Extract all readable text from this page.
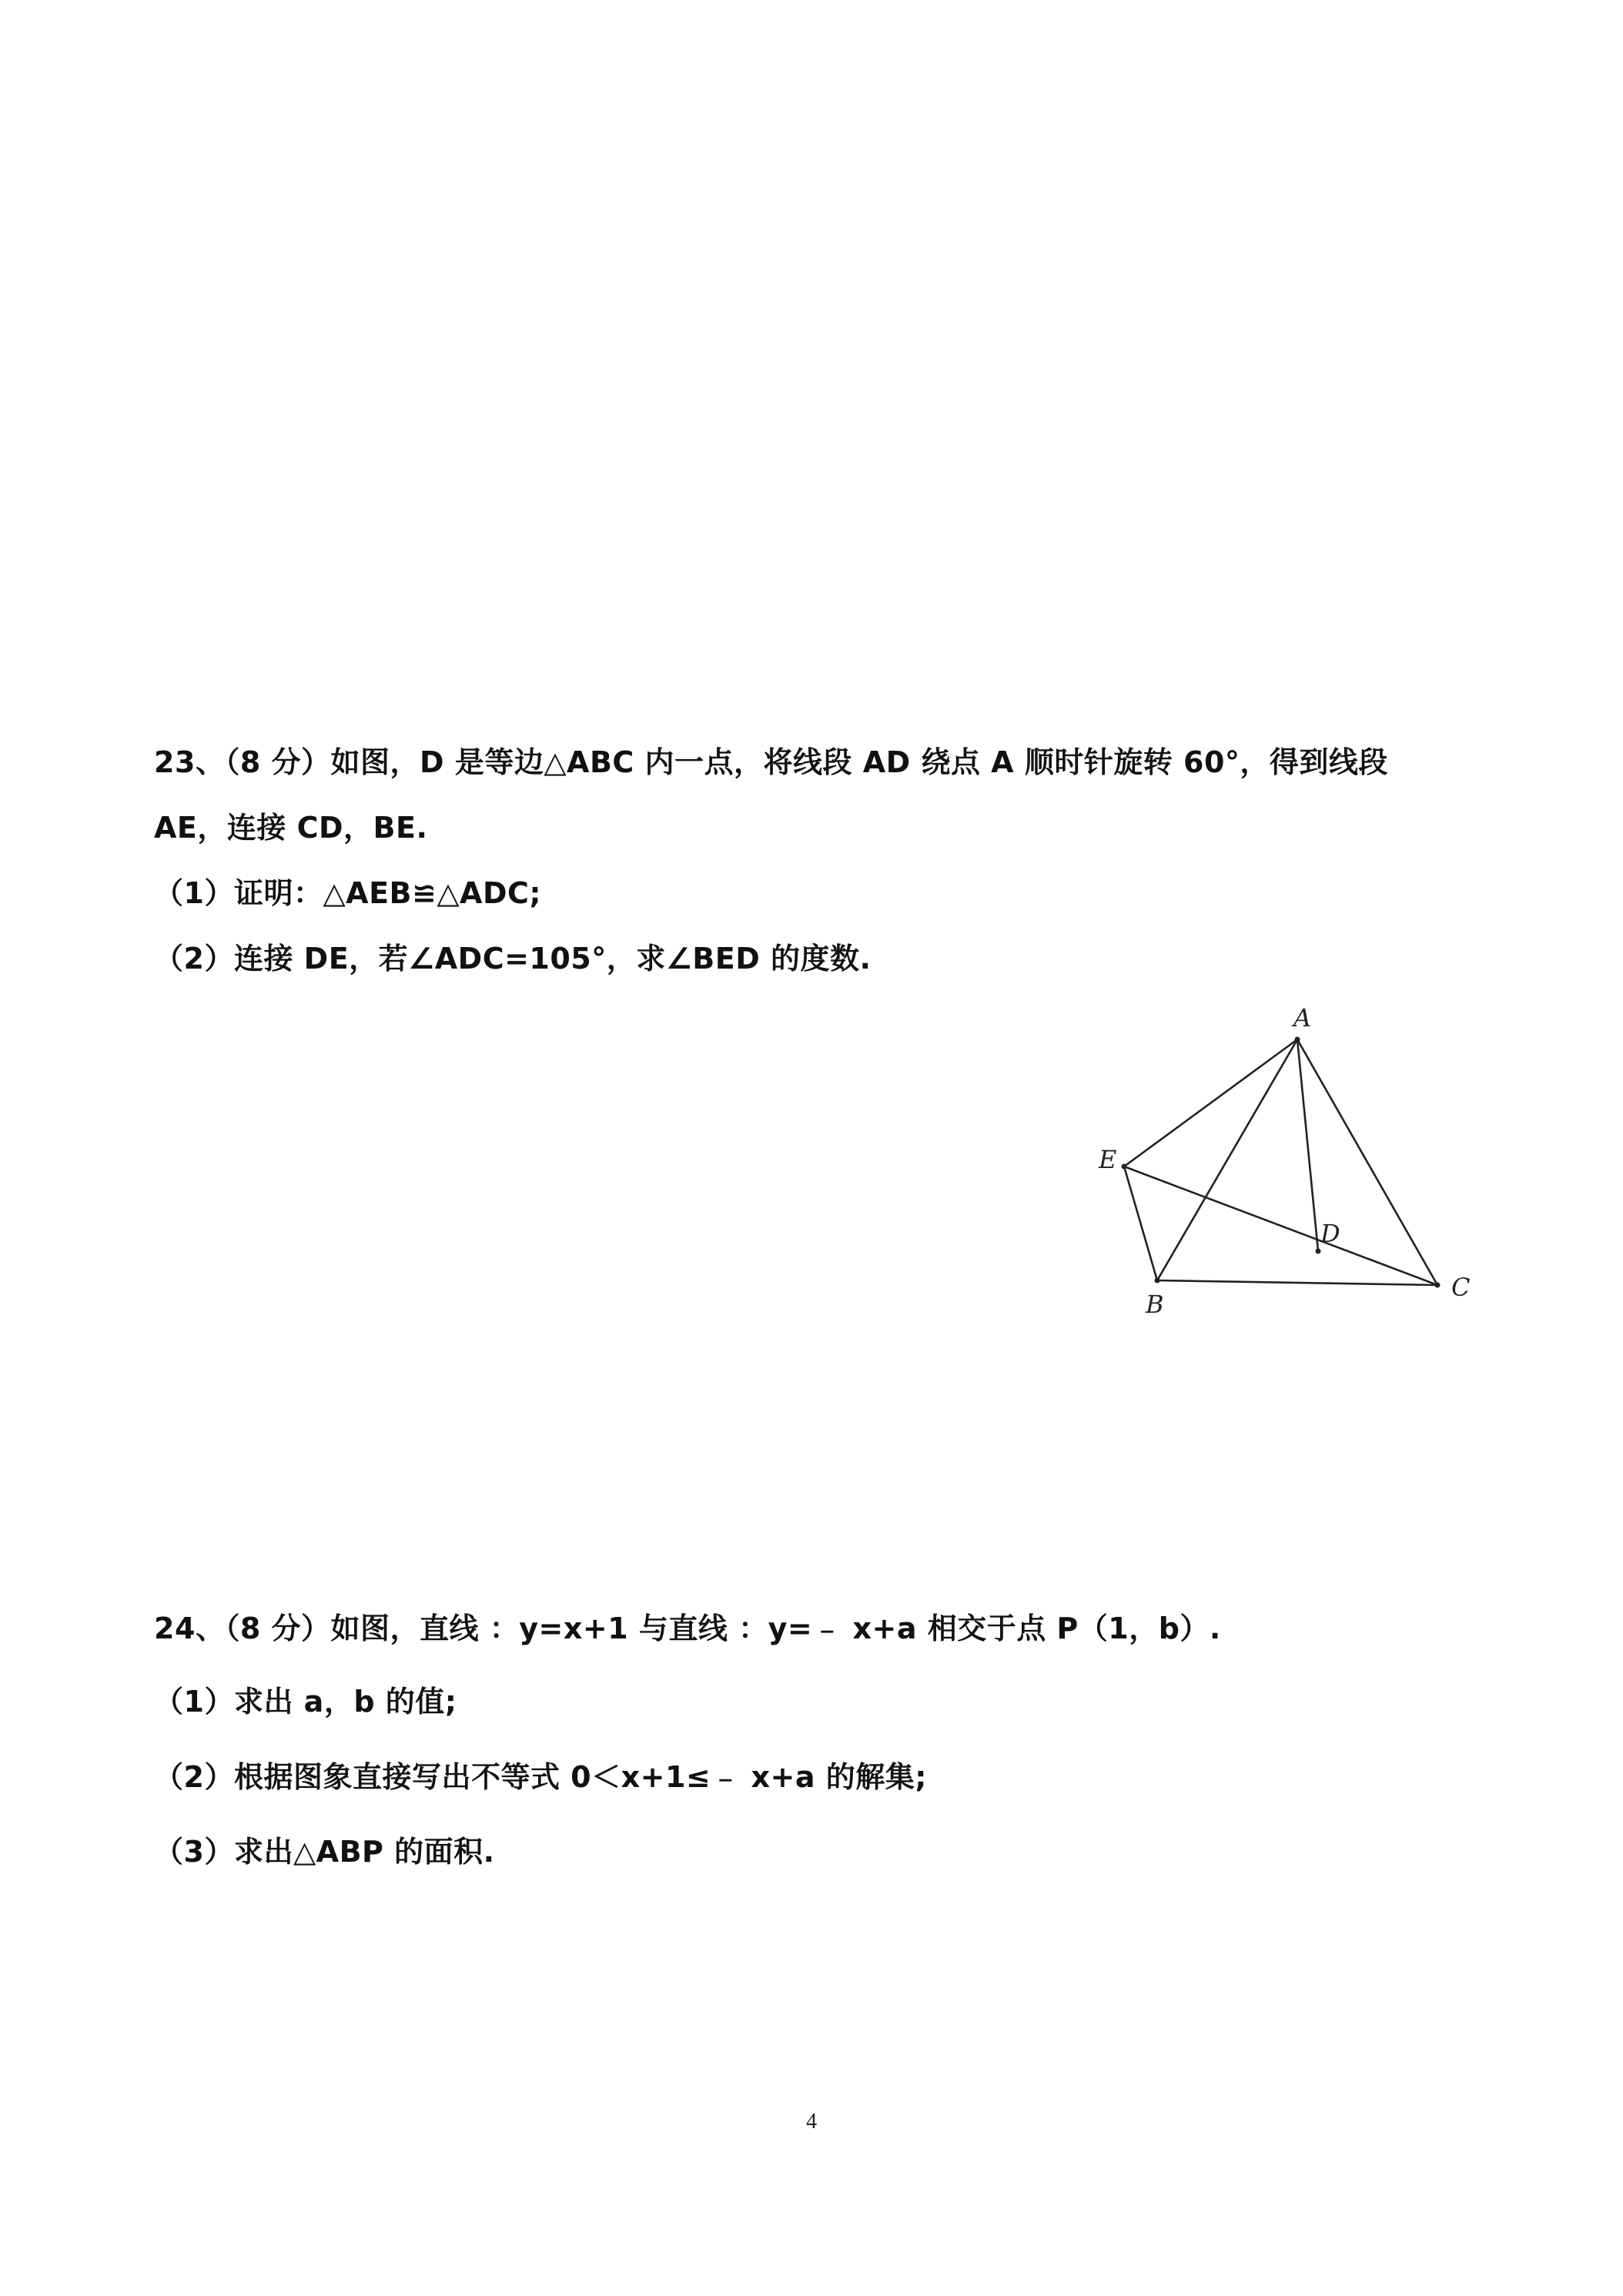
23、（8 分）如图，D 是等边△ABC 内一点，将线段 AD 绕点 A 顺时针旋转 60°，得到线段
AE，连接 CD，BE.
（1）证明：△AEB≌△ADC;
（2）连接 DE，若∠ADC=105°，求∠BED 的度数.
A
E
B
C
D
24、（8 分）如图，直线 ：y=x+1 与直线 ：y=﹣ x+a 相交于点 P（1，b）.
（1）求出 a，b 的值;
（2）根据图象直接写出不等式 0＜x+1≤﹣ x+a 的解集;
（3）求出△ABP 的面积.
4
